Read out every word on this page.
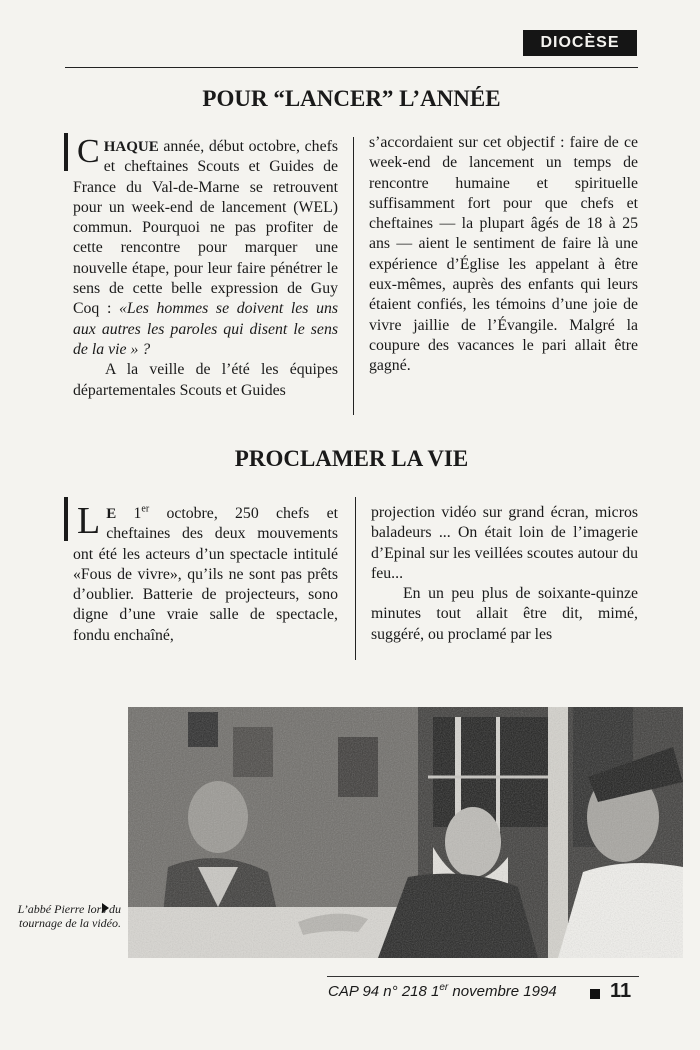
DIOCÈSE
POUR “LANCER” L’ANNÉE

CHAQUE année, début octobre, chefs et cheftaines Scouts et Guides de France du Val-de-Marne se retrouvent pour un week-end de lancement (WEL) commun. Pourquoi ne pas profiter de cette rencontre pour marquer une nouvelle étape, pour leur faire pénétrer le sens de cette belle expression de Guy Coq : «Les hommes se doivent les uns aux autres les paroles qui disent le sens de la vie » ?

A la veille de l’été les équipes départementales Scouts et Guides

s’accordaient sur cet objectif : faire de ce week-end de lancement un temps de rencontre humaine et spirituelle suffisamment fort pour que chefs et cheftaines — la plupart âgés de 18 à 25 ans — aient le sentiment de faire là une expérience d’Église les appelant à être eux-mêmes, auprès des enfants qui leurs étaient confiés, les témoins d’une joie de vivre jaillie de l’Évangile. Malgré la coupure des vacances le pari allait être gagné.

PROCLAMER LA VIE

L E 1er octobre, 250 chefs et cheftaines des deux mouvements ont été les acteurs d’un spectacle intitulé «Fous de vivre», qu’ils ne sont pas prêts d’oublier. Batterie de projecteurs, sono digne d’une vraie salle de spectacle, fondu enchaîné,

projection vidéo sur grand écran, micros baladeurs ... On était loin de l’imagerie d’Epinal sur les veillées scoutes autour du feu...

En un peu plus de soixante-quinze minutes tout allait être dit, mimé, suggéré, ou proclamé par les

L’abbé Pierre lors du tournage de la vidéo.
CAP 94 n° 218 1er novembre 1994	11
